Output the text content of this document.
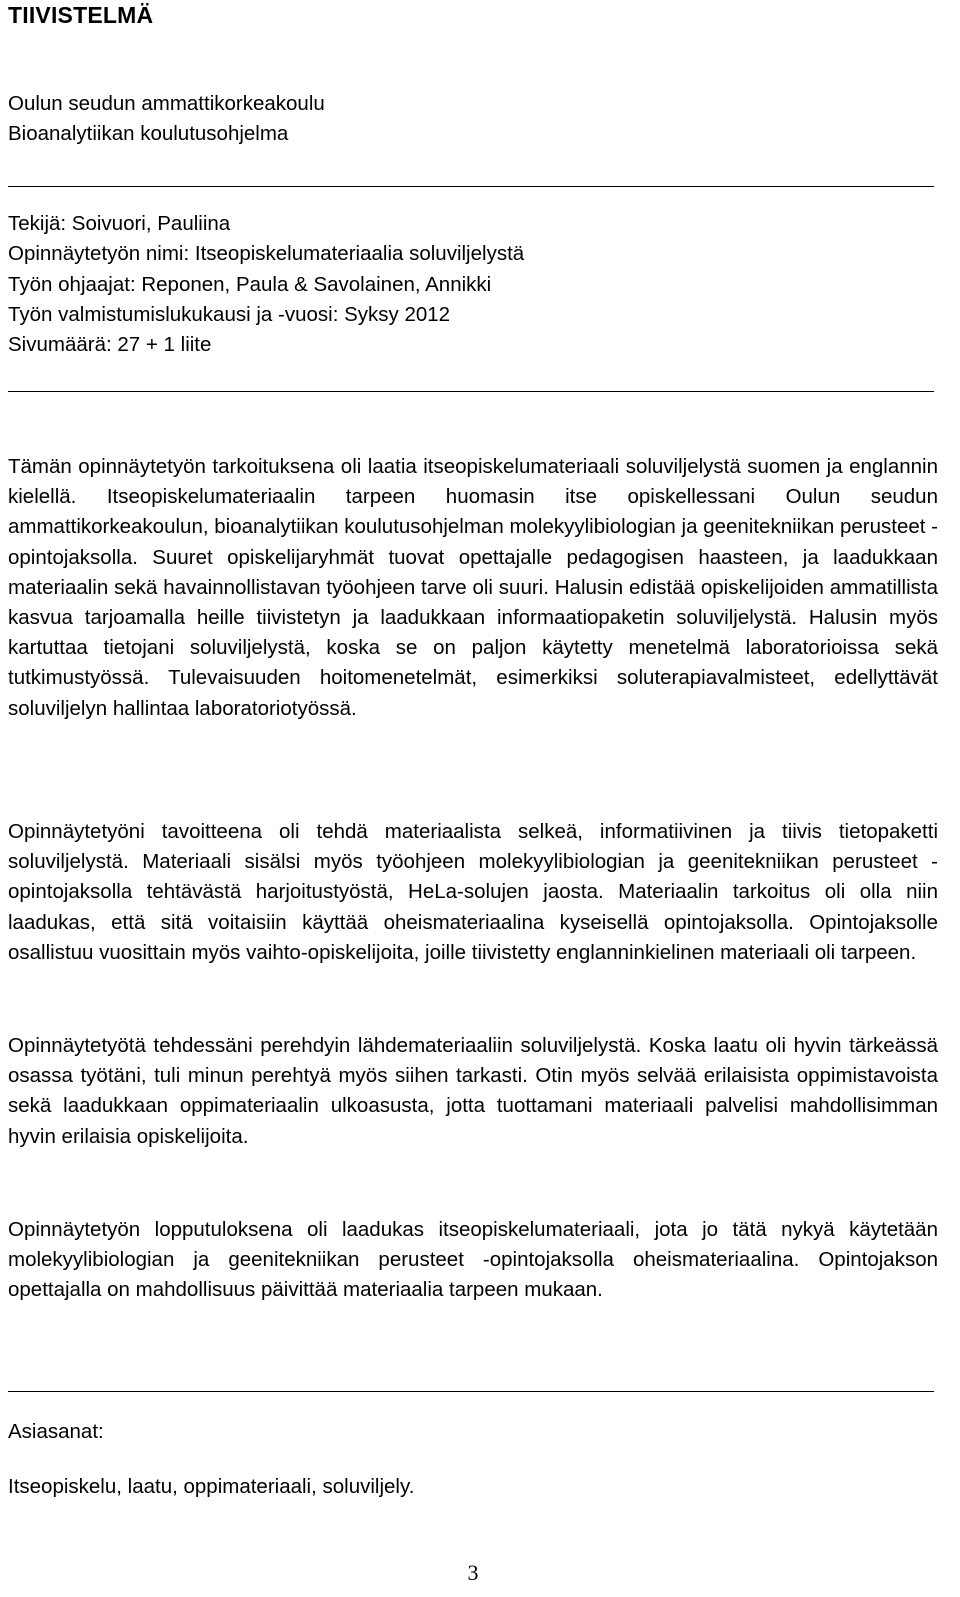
TIIVISTELMÄ
Oulun seudun ammattikorkeakoulu
Bioanalytiikan koulutusohjelma
Tekijä: Soivuori, Pauliina
Opinnäytetyön nimi: Itseopiskelumateriaalia soluviljelystä
Työn ohjaajat: Reponen, Paula & Savolainen, Annikki
Työn valmistumislukukausi ja -vuosi: Syksy 2012
Sivumäärä: 27 + 1 liite

Tämän opinnäytetyön tarkoituksena oli laatia itseopiskelumateriaali soluviljelystä suomen ja englannin kielellä. Itseopiskelumateriaalin tarpeen huomasin itse opiskellessani Oulun seudun ammattikorkeakoulun, bioanalytiikan koulutusohjelman molekyylibiologian ja geenitekniikan perusteet -opintojaksolla. Suuret opiskelijaryhmät tuovat opettajalle pedagogisen haasteen, ja laadukkaan materiaalin sekä havainnollistavan työohjeen tarve oli suuri. Halusin edistää opiskelijoiden ammatillista kasvua tarjoamalla heille tiivistetyn ja laadukkaan informaatiopaketin soluviljelystä. Halusin myös kartuttaa tietojani soluviljelystä, koska se on paljon käytetty menetelmä laboratorioissa sekä tutkimustyössä. Tulevaisuuden hoitomenetelmät, esimerkiksi soluterapiavalmisteet, edellyttävät soluviljelyn hallintaa laboratoriotyössä.

Opinnäytetyöni tavoitteena oli tehdä materiaalista selkeä, informatiivinen ja tiivis tietopaketti soluviljelystä. Materiaali sisälsi myös työohjeen molekyylibiologian ja geenitekniikan perusteet -opintojaksolla tehtävästä harjoitustyöstä, HeLa-solujen jaosta. Materiaalin tarkoitus oli olla niin laadukas, että sitä voitaisiin käyttää oheismateriaalina kyseisellä opintojaksolla. Opintojaksolle osallistuu vuosittain myös vaihto-opiskelijoita, joille tiivistetty englanninkielinen materiaali oli tarpeen.

Opinnäytetyötä tehdessäni perehdyin lähdemateriaaliin soluviljelystä. Koska laatu oli hyvin tärkeässä osassa työtäni, tuli minun perehtyä myös siihen tarkasti. Otin myös selvää erilaisista oppimistavoista sekä laadukkaan oppimateriaalin ulkoasusta, jotta tuottamani materiaali palvelisi mahdollisimman hyvin erilaisia opiskelijoita.

Opinnäytetyön lopputuloksena oli laadukas itseopiskelumateriaali, jota jo tätä nykyä käytetään molekyylibiologian ja geenitekniikan perusteet -opintojaksolla oheismateriaalina. Opintojakson opettajalla on mahdollisuus päivittää materiaalia tarpeen mukaan.

Asiasanat:

Itseopiskelu, laatu, oppimateriaali, soluviljely.

3
